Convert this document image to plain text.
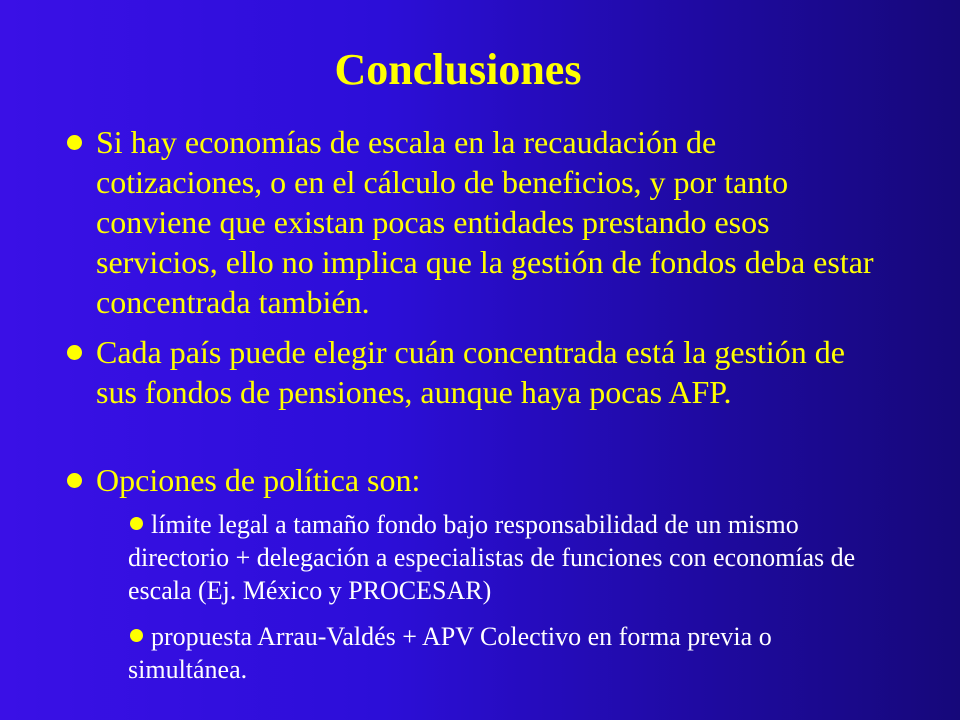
Conclusiones
Si hay economías de escala en la recaudación de cotizaciones, o en el cálculo de beneficios, y por tanto conviene que existan pocas entidades prestando esos servicios, ello no implica que la gestión de fondos deba estar concentrada también.
Cada país puede elegir cuán concentrada está la gestión de sus fondos de pensiones, aunque haya pocas AFP.
Opciones de política son:
límite legal a tamaño fondo bajo responsabilidad de un mismo directorio + delegación a especialistas de funciones con economías de escala (Ej. México y PROCESAR)
propuesta Arrau-Valdés + APV Colectivo en forma previa o simultánea.
